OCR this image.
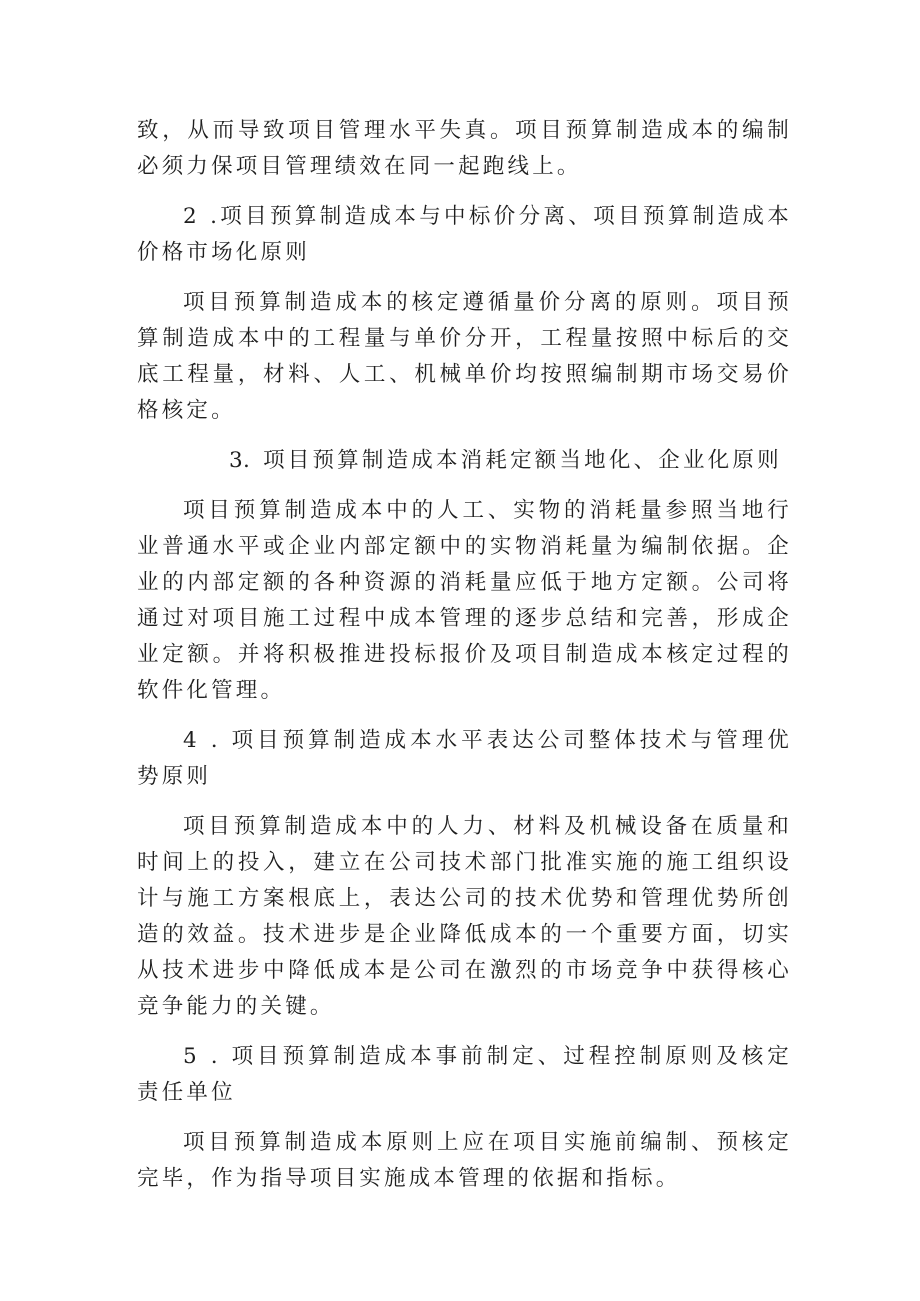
致，从而导致项目管理水平失真。项目预算制造成本的编制必须力保项目管理绩效在同一起跑线上。

2 .项目预算制造成本与中标价分离、项目预算制造成本价格市场化原则

项目预算制造成本的核定遵循量价分离的原则。项目预算制造成本中的工程量与单价分开，工程量按照中标后的交底工程量，材料、人工、机械单价均按照编制期市场交易价格核定。

3. 项目预算制造成本消耗定额当地化、企业化原则

项目预算制造成本中的人工、实物的消耗量参照当地行业普通水平或企业内部定额中的实物消耗量为编制依据。企业的内部定额的各种资源的消耗量应低于地方定额。公司将通过对项目施工过程中成本管理的逐步总结和完善，形成企业定额。并将积极推进投标报价及项目制造成本核定过程的软件化管理。

4 . 项目预算制造成本水平表达公司整体技术与管理优势原则

项目预算制造成本中的人力、材料及机械设备在质量和时间上的投入，建立在公司技术部门批准实施的施工组织设计与施工方案根底上，表达公司的技术优势和管理优势所创造的效益。技术进步是企业降低成本的一个重要方面，切实从技术进步中降低成本是公司在激烈的市场竞争中获得核心竞争能力的关键。

5 . 项目预算制造成本事前制定、过程控制原则及核定责任单位

项目预算制造成本原则上应在项目实施前编制、预核定完毕，作为指导项目实施成本管理的依据和指标。
